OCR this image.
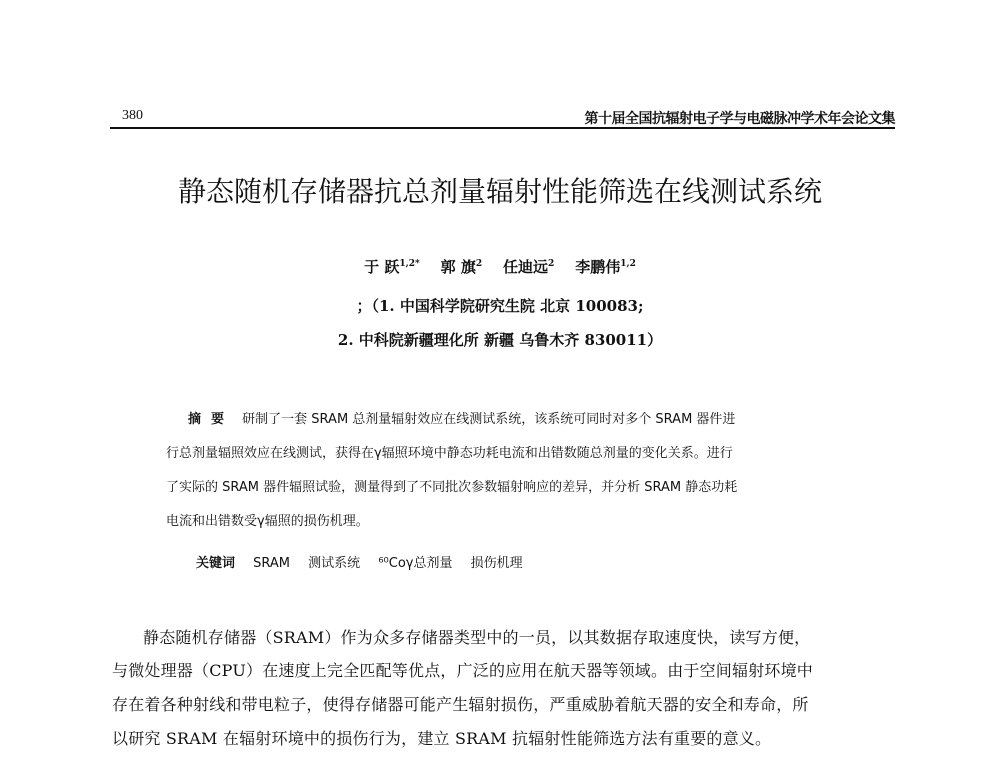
380	第十届全国抗辐射电子学与电磁脉冲学术年会论文集
静态随机存储器抗总剂量辐射性能筛选在线测试系统
于 跃$^{1,2*}$ 郭 旗$^2$ 任迪远$^2$ 李鹏伟$^{1,2}$
；（1. 中国科学院研究生院 北京 100083;
2. 中科院新疆理化所 新疆 乌鲁木齐 830011）
摘要 研制了一套 SRAM 总剂量辐射效应在线测试系统，该系统可同时对多个 SRAM 器件进
行总剂量辐照效应在线测试，获得在γ辐照环境中静态功耗电流和出错数随总剂量的变化关系。进行
了实际的 SRAM 器件辐照试验，测量得到了不同批次参数辐射响应的差异，并分析 SRAM 静态功耗
电流和出错数受γ辐照的损伤机理。
关键词 SRAM 测试系统 ⁶⁰Coγ总剂量 损伤机理
静态随机存储器（SRAM）作为众多存储器类型中的一员，以其数据存取速度快，读写方便，
与微处理器（CPU）在速度上完全匹配等优点，广泛的应用在航天器等领域。由于空间辐射环境中
存在着各种射线和带电粒子，使得存储器可能产生辐射损伤，严重威胁着航天器的安全和寿命，所
以研究 SRAM 在辐射环境中的损伤行为，建立 SRAM 抗辐射性能筛选方法有重要的意义。
